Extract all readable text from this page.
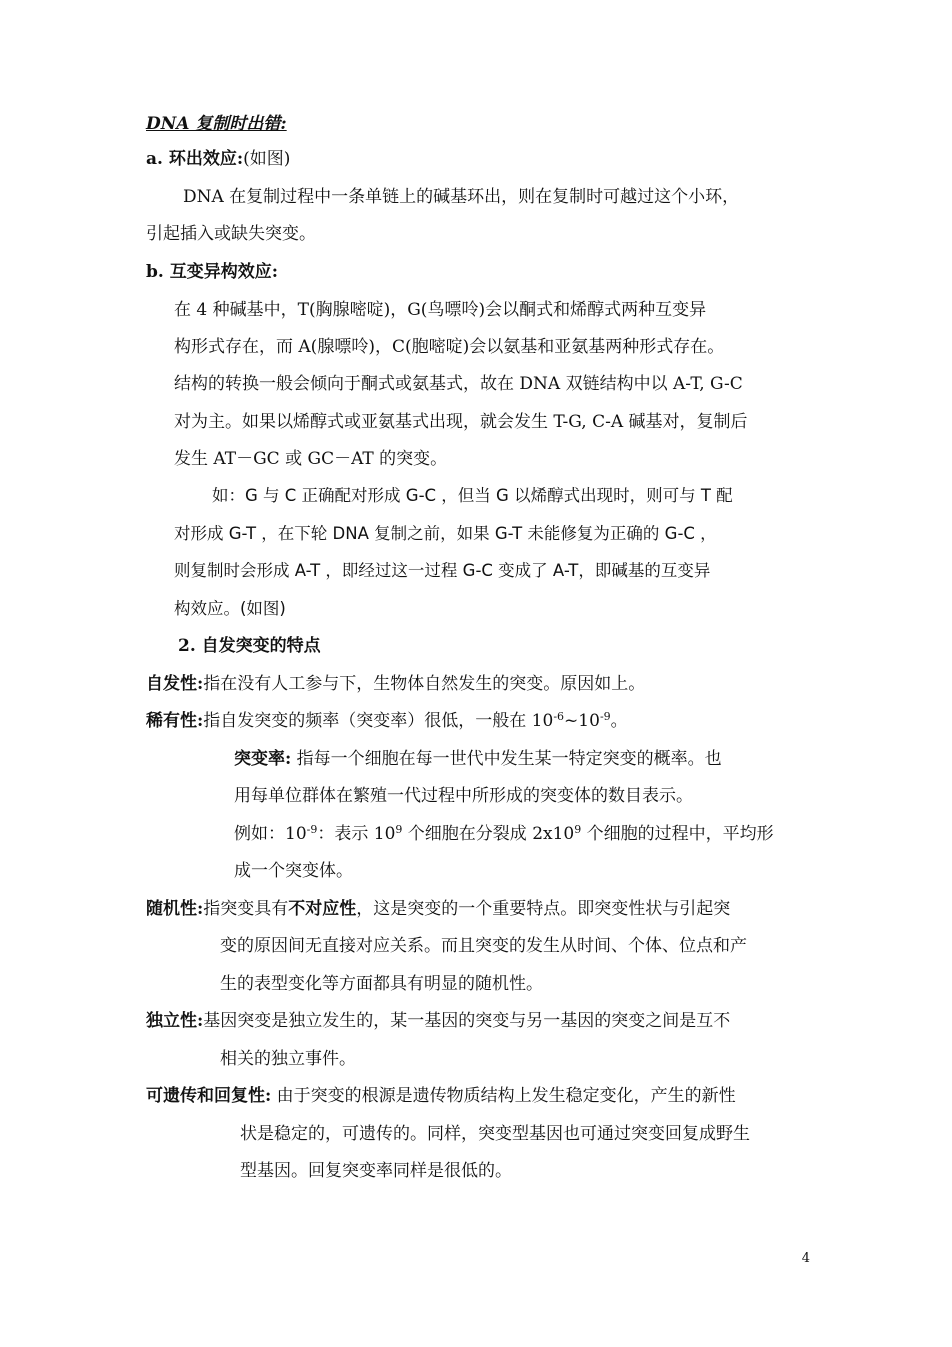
DNA 复制时出错:
a. 环出效应:(如图)
DNA 在复制过程中一条单链上的碱基环出，则在复制时可越过这个小环，
引起插入或缺失突变。
b. 互变异构效应:
在 4 种碱基中，T(胸腺嘧啶)，G(鸟嘌呤)会以酮式和烯醇式两种互变异
构形式存在，而 A(腺嘌呤)，C(胞嘧啶)会以氨基和亚氨基两种形式存在。
结构的转换一般会倾向于酮式或氨基式，故在 DNA 双链结构中以 A-T, G-C
对为主。如果以烯醇式或亚氨基式出现，就会发生 T-G, C-A 碱基对，复制后
发生 AT－GC 或 GC－AT 的突变。
如：G 与 C 正确配对形成 G-C ，但当 G 以烯醇式出现时，则可与 T 配
对形成 G-T ，在下轮 DNA 复制之前，如果 G-T 未能修复为正确的 G-C ，
则复制时会形成 A-T ，即经过这一过程 G-C 变成了 A-T，即碱基的互变异
构效应。(如图)
2. 自发突变的特点
自发性:指在没有人工参与下，生物体自然发生的突变。原因如上。
稀有性:指自发突变的频率（突变率）很低，一般在 $10^{-6}\sim 10^{-9}$。
突变率: 指每一个细胞在每一世代中发生某一特定突变的概率。也
用每单位群体在繁殖一代过程中所形成的突变体的数目表示。
例如：$10^{-9}$：表示 $10^9$ 个细胞在分裂成 $2x10^9$ 个细胞的过程中，平均形
成一个突变体。
随机性:指突变具有不对应性，这是突变的一个重要特点。即突变性状与引起突
变的原因间无直接对应关系。而且突变的发生从时间、个体、位点和产
生的表型变化等方面都具有明显的随机性。
独立性:基因突变是独立发生的，某一基因的突变与另一基因的突变之间是互不
相关的独立事件。
可遗传和回复性: 由于突变的根源是遗传物质结构上发生稳定变化，产生的新性
状是稳定的，可遗传的。同样，突变型基因也可通过突变回复成野生
型基因。回复突变率同样是很低的。
4
